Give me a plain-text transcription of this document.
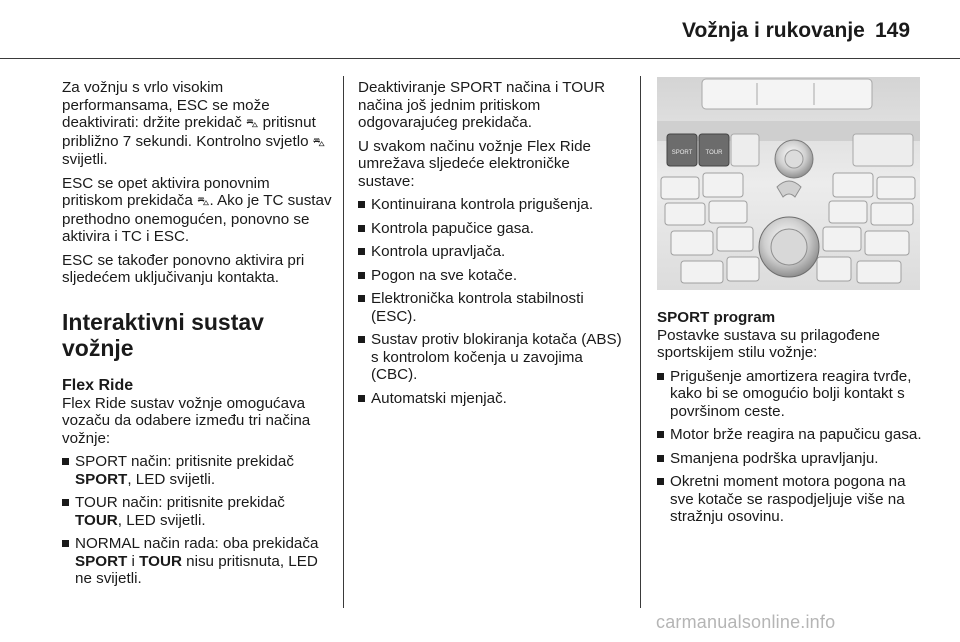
Vožnja i rukovanje 149

Za vožnju s vrlo visokim performansama, ESC se može deaktivirati: držite prekidač ⛍ pritisnut približno 7 sekundi. Kontrolno svjetlo ⛍ svijetli.

ESC se opet aktivira ponovnim pritiskom prekidača ⛍. Ako je TC sustav prethodno onemogućen, ponovno se aktivira i TC i ESC.

ESC se također ponovno aktivira pri sljedećem uključivanju kontakta.

Interaktivni sustav vožnje
Flex Ride

Flex Ride sustav vožnje omogućava vozaču da odabere između tri načina vožnje:

SPORT način: pritisnite prekidač SPORT, LED svijetli.
TOUR način: pritisnite prekidač TOUR, LED svijetli.
NORMAL način rada: oba prekidača SPORT i TOUR nisu pritisnuta, LED ne svijetli.

Deaktiviranje SPORT načina i TOUR načina još jednim pritiskom odgovarajućeg prekidača.

U svakom načinu vožnje Flex Ride umrežava sljedeće elektroničke sustave:

Kontinuirana kontrola prigušenja.
Kontrola papučice gasa.
Kontrola upravljača.
Pogon na sve kotače.
Elektronička kontrola stabilnosti (ESC).
Sustav protiv blokiranja kotača (ABS) s kontrolom kočenja u zavojima (CBC).
Automatski mjenjač.
SPORT TOUR
SPORT program

Postavke sustava su prilagođene sportskijem stilu vožnje:

Prigušenje amortizera reagira tvrđe, kako bi se omogućio bolji kontakt s površinom ceste.
Motor brže reagira na papučicu gasa.
Smanjena podrška upravljanju.
Okretni moment motora pogona na sve kotače se raspodjeljuje više na stražnju osovinu.
carmanualsonline.info
